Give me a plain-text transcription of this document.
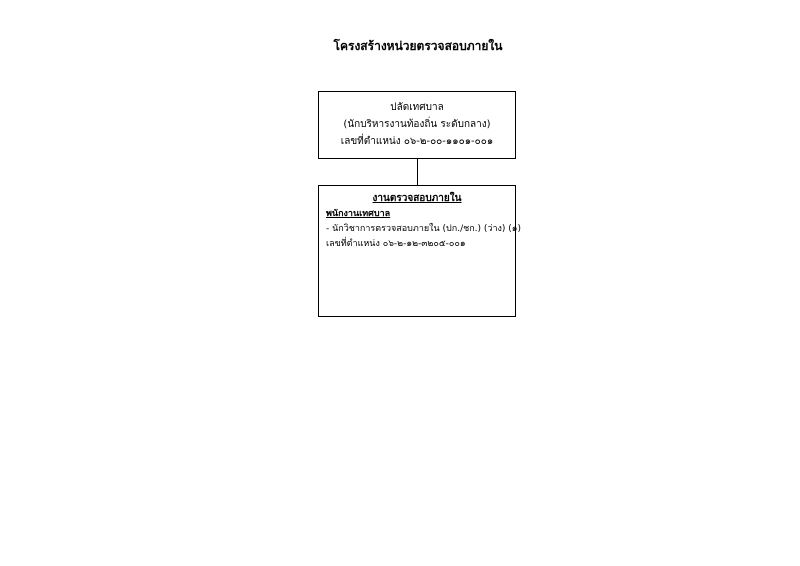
โครงสร้างหน่วยตรวจสอบภายใน
ปลัดเทศบาล
(นักบริหารงานท้องถิ่น ระดับกลาง)
เลขที่ตำแหน่ง ๐๖-๒-๐๐-๑๑๐๑-๐๐๑
งานตรวจสอบภายใน
พนักงานเทศบาล
- นักวิชาการตรวจสอบภายใน (ปก./ชก.) (ว่าง) (๑)
เลขที่ตำแหน่ง ๐๖-๒-๑๒-๓๒๐๕-๐๐๑
